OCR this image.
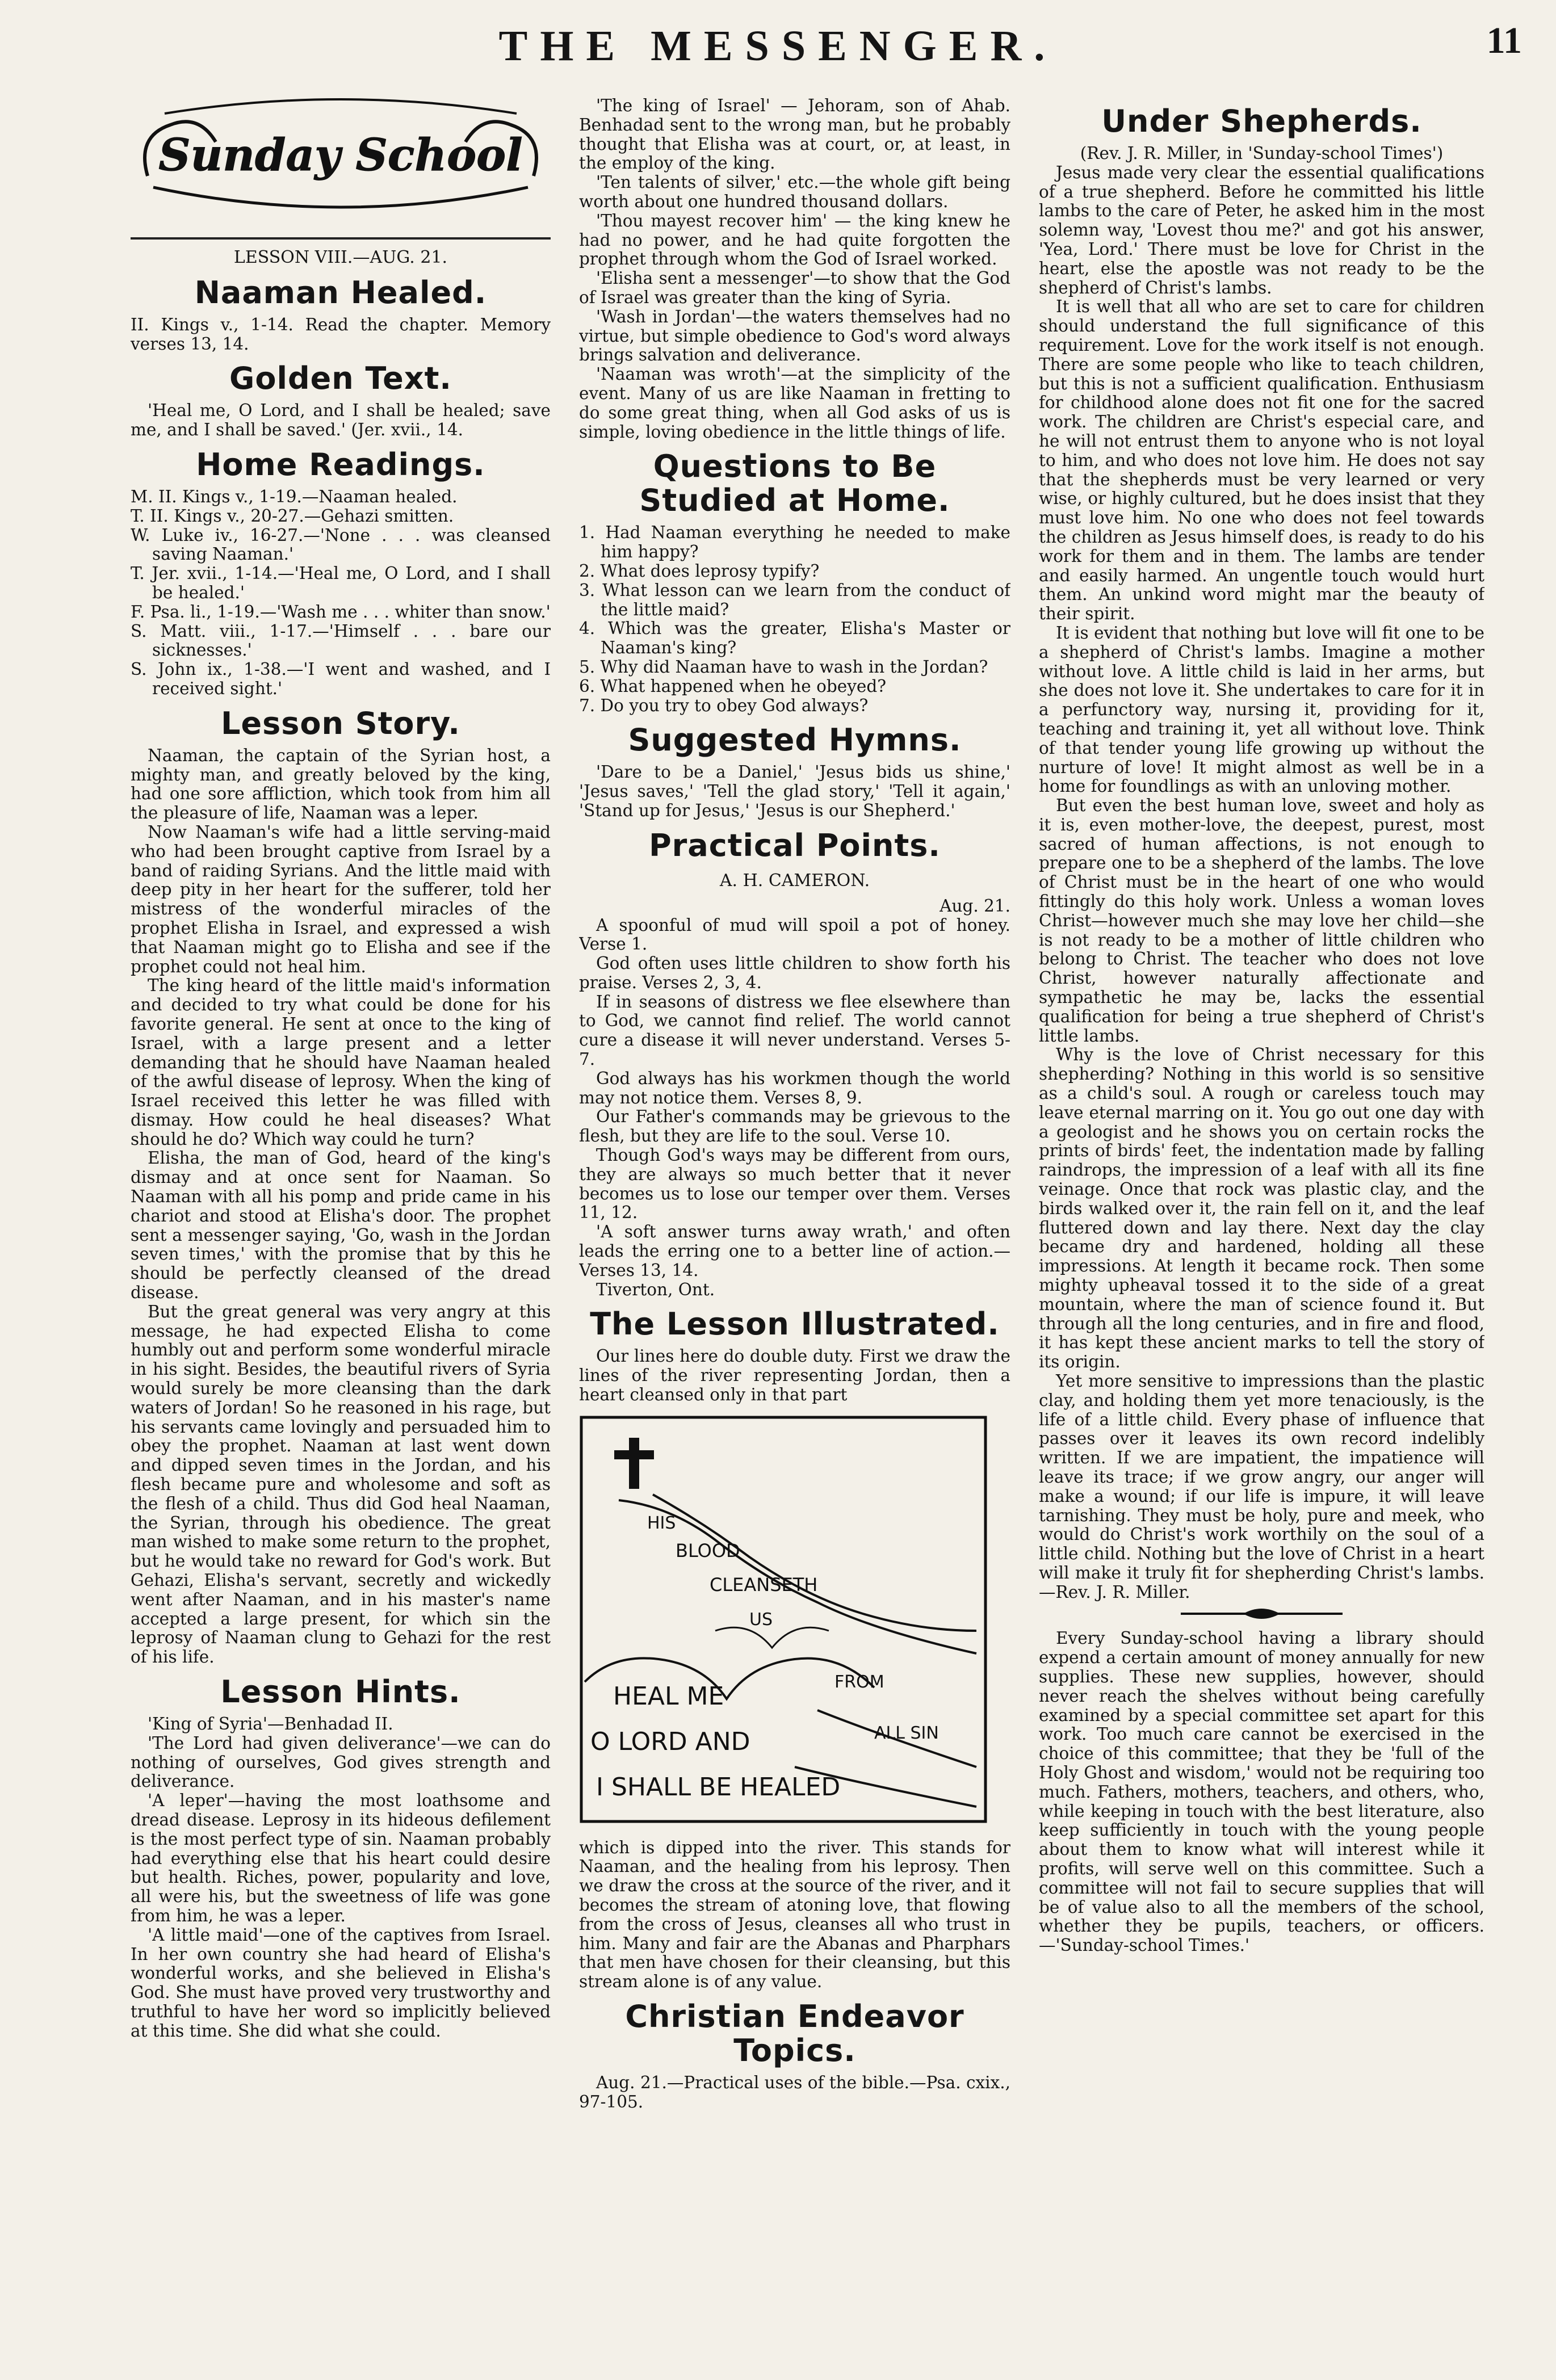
THE MESSENGER.	11
Sunday School
LESSON VIII.—AUG. 21.
Naaman Healed.

II. Kings v., 1-14. Read the chapter. Memory verses 13, 14.

Golden Text.

'Heal me, O Lord, and I shall be healed; save me, and I shall be saved.' (Jer. xvii., 14.

Home Readings.

M. II. Kings v., 1-19.—Naaman healed.

T. II. Kings v., 20-27.—Gehazi smitten.

W. Luke iv., 16-27.—'None . . . was cleansed saving Naaman.'

T. Jer. xvii., 1-14.—'Heal me, O Lord, and I shall be healed.'

F. Psa. li., 1-19.—'Wash me . . . whiter than snow.'

S. Matt. viii., 1-17.—'Himself . . . bare our sicknesses.'

S. John ix., 1-38.—'I went and washed, and I received sight.'

Lesson Story.

Naaman, the captain of the Syrian host, a mighty man, and greatly beloved by the king, had one sore affliction, which took from him all the pleasure of life, Naaman was a leper.

Now Naaman's wife had a little serving-maid who had been brought captive from Israel by a band of raiding Syrians. And the little maid with deep pity in her heart for the sufferer, told her mistress of the wonderful miracles of the prophet Elisha in Israel, and expressed a wish that Naaman might go to Elisha and see if the prophet could not heal him.

The king heard of the little maid's information and decided to try what could be done for his favorite general. He sent at once to the king of Israel, with a large present and a letter demanding that he should have Naaman healed of the awful disease of leprosy. When the king of Israel received this letter he was filled with dismay. How could he heal diseases? What should he do? Which way could he turn?

Elisha, the man of God, heard of the king's dismay and at once sent for Naaman. So Naaman with all his pomp and pride came in his chariot and stood at Elisha's door. The prophet sent a messenger saying, 'Go, wash in the Jordan seven times,' with the promise that by this he should be perfectly cleansed of the dread disease.

But the great general was very angry at this message, he had expected Elisha to come humbly out and perform some wonderful miracle in his sight. Besides, the beautiful rivers of Syria would surely be more cleansing than the dark waters of Jordan! So he reasoned in his rage, but his servants came lovingly and persuaded him to obey the prophet. Naaman at last went down and dipped seven times in the Jordan, and his flesh became pure and wholesome and soft as the flesh of a child. Thus did God heal Naaman, the Syrian, through his obedience. The great man wished to make some return to the prophet, but he would take no reward for God's work. But Gehazi, Elisha's servant, secretly and wickedly went after Naaman, and in his master's name accepted a large present, for which sin the leprosy of Naaman clung to Gehazi for the rest of his life.

Lesson Hints.

'King of Syria'—Benhadad II.

'The Lord had given deliverance'—we can do nothing of ourselves, God gives strength and deliverance.

'A leper'—having the most loathsome and dread disease. Leprosy in its hideous defilement is the most perfect type of sin. Naaman probably had everything else that his heart could desire but health. Riches, power, popularity and love, all were his, but the sweetness of life was gone from him, he was a leper.

'A little maid'—one of the captives from Israel. In her own country she had heard of Elisha's wonderful works, and she believed in Elisha's God. She must have proved very trustworthy and truthful to have her word so implicitly believed at this time. She did what she could.

'The king of Israel' — Jehoram, son of Ahab. Benhadad sent to the wrong man, but he probably thought that Elisha was at court, or, at least, in the employ of the king.

'Ten talents of silver,' etc.—the whole gift being worth about one hundred thousand dollars.

'Thou mayest recover him' — the king knew he had no power, and he had quite forgotten the prophet through whom the God of Israel worked.

'Elisha sent a messenger'—to show that the God of Israel was greater than the king of Syria.

'Wash in Jordan'—the waters themselves had no virtue, but simple obedience to God's word always brings salvation and deliverance.

'Naaman was wroth'—at the simplicity of the event. Many of us are like Naaman in fretting to do some great thing, when all God asks of us is simple, loving obedience in the little things of life.

Questions to Be Studied at Home.

1. Had Naaman everything he needed to make him happy?

2. What does leprosy typify?

3. What lesson can we learn from the conduct of the little maid?

4. Which was the greater, Elisha's Master or Naaman's king?

5. Why did Naaman have to wash in the Jordan?

6. What happened when he obeyed?

7. Do you try to obey God always?

Suggested Hymns.

'Dare to be a Daniel,' 'Jesus bids us shine,' 'Jesus saves,' 'Tell the glad story,' 'Tell it again,' 'Stand up for Jesus,' 'Jesus is our Shepherd.'

Practical Points.
A. H. CAMERON.

Aug. 21.

A spoonful of mud will spoil a pot of honey. Verse 1.

God often uses little children to show forth his praise. Verses 2, 3, 4.

If in seasons of distress we flee elsewhere than to God, we cannot find relief. The world cannot cure a disease it will never understand. Verses 5-7.

God always has his workmen though the world may not notice them. Verses 8, 9.

Our Father's commands may be grievous to the flesh, but they are life to the soul. Verse 10.

Though God's ways may be different from ours, they are always so much better that it never becomes us to lose our temper over them. Verses 11, 12.

'A soft answer turns away wrath,' and often leads the erring one to a better line of action.—Verses 13, 14.

Tiverton, Ont.

The Lesson Illustrated.

Our lines here do double duty. First we draw the lines of the river representing Jordan, then a heart cleansed only in that part

HIS
BLOOD
CLEANSETH
US
FROM
ALL SIN
HEAL ME
O LORD AND
I SHALL BE HEALED

which is dipped into the river. This stands for Naaman, and the healing from his leprosy. Then we draw the cross at the source of the river, and it becomes the stream of atoning love, that flowing from the cross of Jesus, cleanses all who trust in him. Many and fair are the Abanas and Pharphars that men have chosen for their cleansing, but this stream alone is of any value.

Christian Endeavor Topics.

Aug. 21.—Practical uses of the bible.—Psa. cxix., 97-105.

Under Shepherds.

(Rev. J. R. Miller, in 'Sunday-school Times')

Jesus made very clear the essential qualifications of a true shepherd. Before he committed his little lambs to the care of Peter, he asked him in the most solemn way, 'Lovest thou me?' and got his answer, 'Yea, Lord.' There must be love for Christ in the heart, else the apostle was not ready to be the shepherd of Christ's lambs.

It is well that all who are set to care for children should understand the full significance of this requirement. Love for the work itself is not enough. There are some people who like to teach children, but this is not a sufficient qualification. Enthusiasm for childhood alone does not fit one for the sacred work. The children are Christ's especial care, and he will not entrust them to anyone who is not loyal to him, and who does not love him. He does not say that the shepherds must be very learned or very wise, or highly cultured, but he does insist that they must love him. No one who does not feel towards the children as Jesus himself does, is ready to do his work for them and in them. The lambs are tender and easily harmed. An ungentle touch would hurt them. An unkind word might mar the beauty of their spirit.

It is evident that nothing but love will fit one to be a shepherd of Christ's lambs. Imagine a mother without love. A little child is laid in her arms, but she does not love it. She undertakes to care for it in a perfunctory way, nursing it, providing for it, teaching and training it, yet all without love. Think of that tender young life growing up without the nurture of love! It might almost as well be in a home for foundlings as with an unloving mother.

But even the best human love, sweet and holy as it is, even mother-love, the deepest, purest, most sacred of human affections, is not enough to prepare one to be a shepherd of the lambs. The love of Christ must be in the heart of one who would fittingly do this holy work. Unless a woman loves Christ—however much she may love her child—she is not ready to be a mother of little children who belong to Christ. The teacher who does not love Christ, however naturally affectionate and sympathetic he may be, lacks the essential qualification for being a true shepherd of Christ's little lambs.

Why is the love of Christ necessary for this shepherding? Nothing in this world is so sensitive as a child's soul. A rough or careless touch may leave eternal marring on it. You go out one day with a geologist and he shows you on certain rocks the prints of birds' feet, the indentation made by falling raindrops, the impression of a leaf with all its fine veinage. Once that rock was plastic clay, and the birds walked over it, the rain fell on it, and the leaf fluttered down and lay there. Next day the clay became dry and hardened, holding all these impressions. At length it became rock. Then some mighty upheaval tossed it to the side of a great mountain, where the man of science found it. But through all the long centuries, and in fire and flood, it has kept these ancient marks to tell the story of its origin.

Yet more sensitive to impressions than the plastic clay, and holding them yet more tenaciously, is the life of a little child. Every phase of influence that passes over it leaves its own record indelibly written. If we are impatient, the impatience will leave its trace; if we grow angry, our anger will make a wound; if our life is impure, it will leave tarnishing. They must be holy, pure and meek, who would do Christ's work worthily on the soul of a little child. Nothing but the love of Christ in a heart will make it truly fit for shepherding Christ's lambs.—Rev. J. R. Miller.

Every Sunday-school having a library should expend a certain amount of money annually for new supplies. These new supplies, however, should never reach the shelves without being carefully examined by a special committee set apart for this work. Too much care cannot be exercised in the choice of this committee; that they be 'full of the Holy Ghost and wisdom,' would not be requiring too much. Fathers, mothers, teachers, and others, who, while keeping in touch with the best literature, also keep sufficiently in touch with the young people about them to know what will interest while it profits, will serve well on this committee. Such a committee will not fail to secure supplies that will be of value also to all the members of the school, whether they be pupils, teachers, or officers.—'Sunday-school Times.'
